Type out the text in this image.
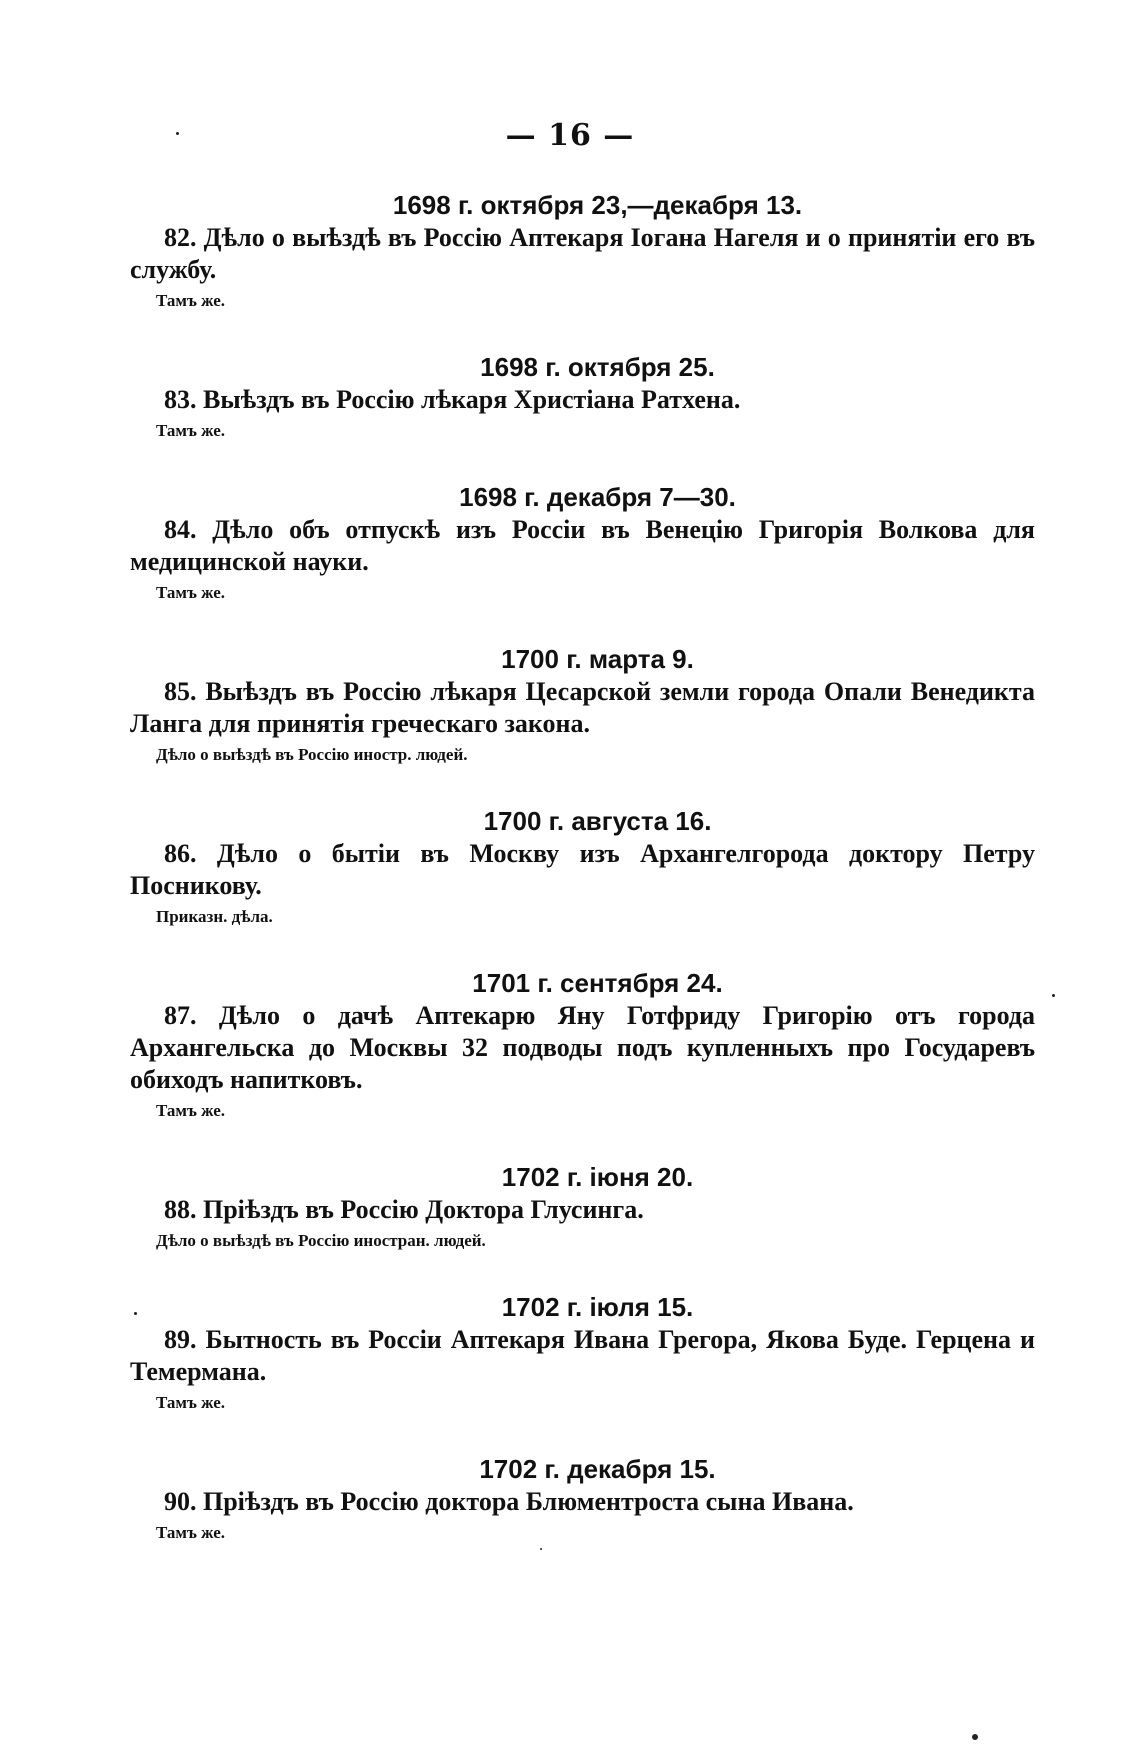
— 16 —
1698 г. октября 23,—декабря 13.
82. Дѣло о выѣздѣ въ Россію Аптекаря Іогана Нагеля и о принятіи его въ службу.
Тамъ же.
1698 г. октября 25.
83. Выѣздъ въ Россію лѣкаря Христіана Ратхена.
Тамъ же.
1698 г. декабря 7—30.
84. Дѣло объ отпускѣ изъ Россіи въ Венецію Григорія Волкова для медицинской науки.
Тамъ же.
1700 г. марта 9.
85. Выѣздъ въ Россію лѣкаря Цесарской земли города Опали Венедикта Ланга для принятія греческаго закона.
Дѣло о выѣздѣ въ Россію иностр. людей.
1700 г. августа 16.
86. Дѣло о бытіи въ Москву изъ Архангелгорода доктору Петру Посникову.
Приказн. дѣла.
1701 г. сентября 24.
87. Дѣло о дачѣ Аптекарю Яну Готфриду Григорію отъ города Архангельска до Москвы 32 подводы подъ купленныхъ про Государевъ обиходъ напитковъ.
Тамъ же.
1702 г. іюня 20.
88. Пріѣздъ въ Россію Доктора Глусинга.
Дѣло о выѣздѣ въ Россію иностран. людей.
1702 г. іюля 15.
89. Бытность въ Россіи Аптекаря Ивана Грегора, Якова Буде. Герцена и Темермана.
Тамъ же.
1702 г. декабря 15.
90. Пріѣздъ въ Россію доктора Блюментроста сына Ивана.
Тамъ же.
